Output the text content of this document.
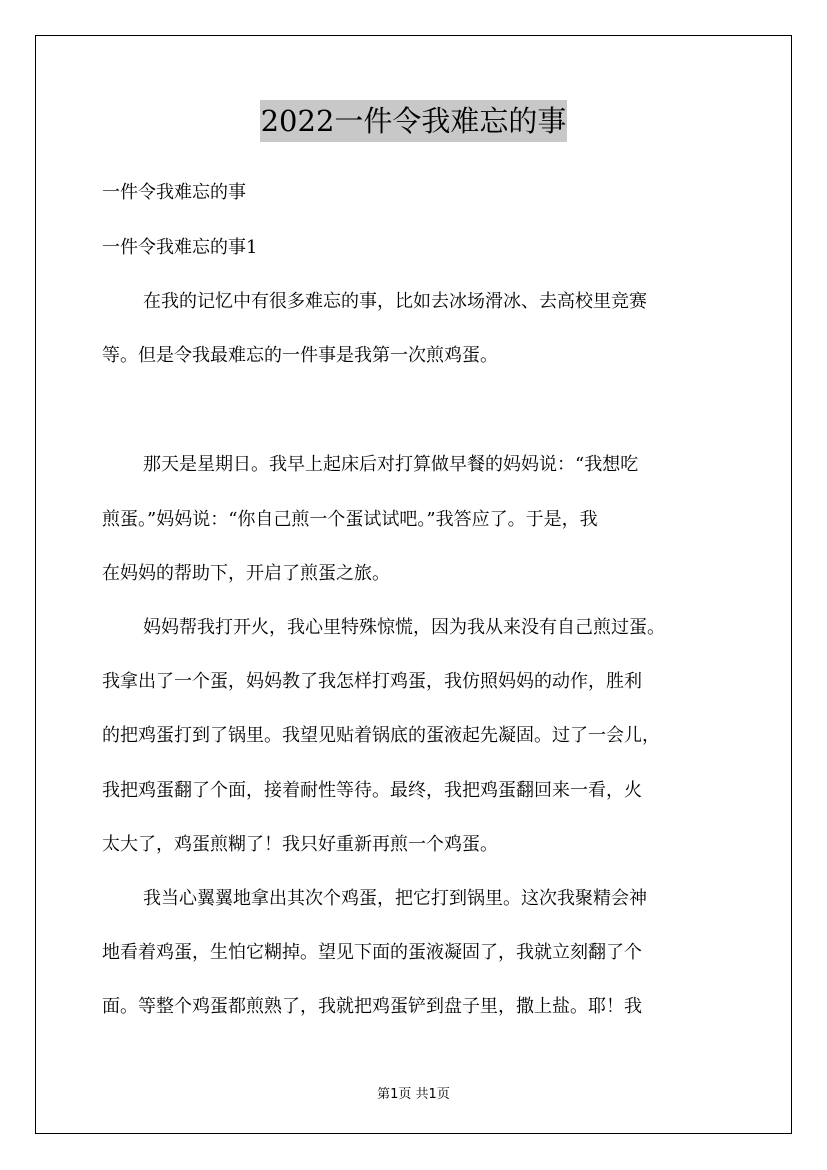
2022一件令我难忘的事
一件令我难忘的事
一件令我难忘的事1
在我的记忆中有很多难忘的事，比如去冰场滑冰、去高校里竞赛
等。但是令我最难忘的一件事是我第一次煎鸡蛋。
那天是星期日。我早上起床后对打算做早餐的妈妈说：“我想吃
煎蛋。”妈妈说：“你自己煎一个蛋试试吧。”我答应了。于是，我
在妈妈的帮助下，开启了煎蛋之旅。
妈妈帮我打开火，我心里特殊惊慌，因为我从来没有自己煎过蛋。
我拿出了一个蛋，妈妈教了我怎样打鸡蛋，我仿照妈妈的动作，胜利
的把鸡蛋打到了锅里。我望见贴着锅底的蛋液起先凝固。过了一会儿，
我把鸡蛋翻了个面，接着耐性等待。最终，我把鸡蛋翻回来一看，火
太大了，鸡蛋煎糊了！我只好重新再煎一个鸡蛋。
我当心翼翼地拿出其次个鸡蛋，把它打到锅里。这次我聚精会神
地看着鸡蛋，生怕它糊掉。望见下面的蛋液凝固了，我就立刻翻了个
面。等整个鸡蛋都煎熟了，我就把鸡蛋铲到盘子里，撒上盐。耶！我
第1页 共1页
